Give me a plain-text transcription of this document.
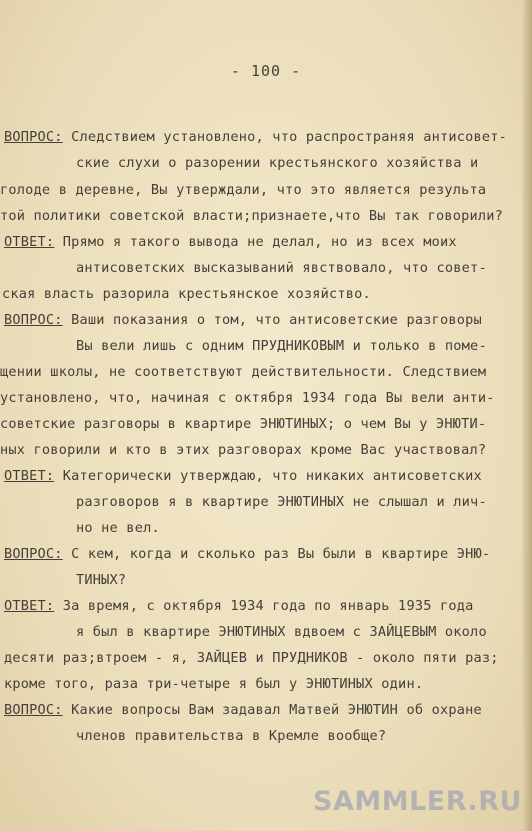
- 100 -
ВОПРОС: Следствием установлено, что распространяя антисовет-
ские слухи о разорении крестьянского хозяйства и
голоде в деревне, Вы утверждали, что это является результа
той политики советской власти;признаете,что Вы так говорили?
ОТВЕТ: Прямо я такого вывода не делал, но из всех моих
антисоветских высказываний явствовало, что совет-
ская власть разорила крестьянское хозяйство.
ВОПРОС: Ваши показания о том, что антисоветские разговоры
Вы вели лишь с одним ПРУДНИКОВЫМ и только в поме-
щении школы, не соответствуют действительности. Следствием
установлено, что, начиная с октября 1934 года Вы вели анти-
советские разговоры в квартире ЭНЮТИНЫХ; о чем Вы у ЭНЮТИ-
ных говорили и кто в этих разговорах кроме Вас участвовал?
ОТВЕТ: Категорически утверждаю, что никаких антисоветских
разговоров я в квартире ЭНЮТИНЫХ не слышал и лич-
но не вел.
ВОПРОС: С кем, когда и сколько раз Вы были в квартире ЭНЮ-
ТИНЫХ?
ОТВЕТ: За время, с октября 1934 года по январь 1935 года
я был в квартире ЭНЮТИНЫХ вдвоем с ЗАЙЦЕВЫМ около
десяти раз;втроем - я, ЗАЙЦЕВ и ПРУДНИКОВ - около пяти раз;
кроме того, раза три-четыре я был у ЭНЮТИНЫХ один.
ВОПРОС: Какие вопросы Вам задавал Матвей ЭНЮТИН об охране
членов правительства в Кремле вообще?
SAMMLER.RU
